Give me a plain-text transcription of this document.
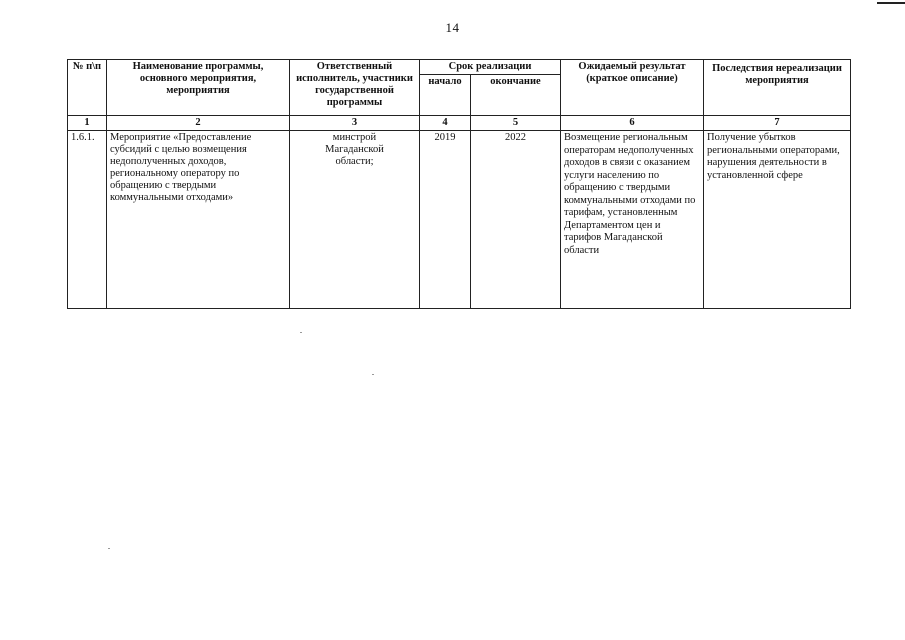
14
№ п\п	Наименование программы, основного мероприятия, мероприятия	Ответственный исполнитель, участники государственной программы	Срок реализации		Ожидаемый результат (краткое описание)	Последствия нереализации мероприятия
			начало	окончание		
1	2	3	4	5	6	7
1.6.1.	Мероприятие «Предоставление субсидий с целью возмещения недополученных доходов, региональному оператору по обращению с твердыми коммунальными отходами»	минстрой Магаданской области;	2019	2022	Возмещение региональным операторам недополученных доходов в связи с оказанием услуги населению по обращению с твердыми коммунальными отходами по тарифам, установленным Департаментом цен и тарифов Магаданской области	Получение убытков региональными операторами, нарушения деятельности в установленной сфере
